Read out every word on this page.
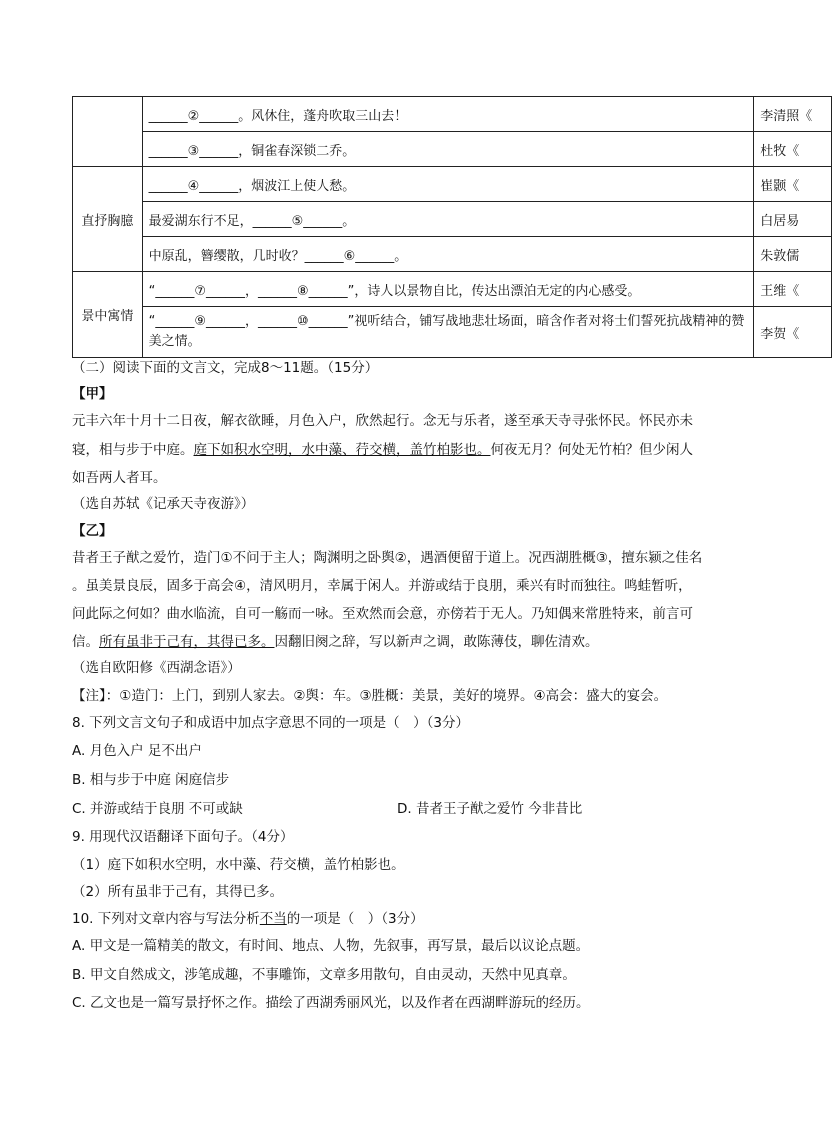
	______②______。风休住，蓬舟吹取三山去！	李清照《
	______③______，铜雀春深锁二乔。	杜牧《
直抒胸臆	______④______，烟波江上使人愁。	崔颢《
	最爱湖东行不足，______⑤______。	白居易
	中原乱，簪缨散，几时收？______⑥______。	朱敦儒
景中寓情	“______⑦______，______⑧______”，诗人以景物自比，传达出漂泊无定的内心感受。	王维《
	“______⑨______，______⑩______”视听结合，铺写战地悲壮场面，暗含作者对将士们誓死抗战精神的赞美之情。	李贺《
（二）阅读下面的文言文，完成8～11题。（15分）
【甲】
元丰六年十月十二日夜，解衣欲睡，月色入户，欣然起行。念无与乐者，遂至承天寺寻张怀民。怀民亦未
寝，相与步于中庭。庭下如积水空明，水中藻、荇交横，盖竹柏影也。何夜无月？何处无竹柏？但少闲人
如吾两人者耳。
（选自苏轼《记承天寺夜游》）
【乙】
昔者王子猷之爱竹，造门①不问于主人；陶渊明之卧舆②，遇酒便留于道上。况西湖胜概③，擅东颍之佳名
。虽美景良辰，固多于高会④，清风明月，幸属于闲人。并游或结于良朋，乘兴有时而独往。鸣蛙暂听，
问此际之何如？曲水临流，自可一觞而一咏。至欢然而会意，亦傍若于无人。乃知偶来常胜特来，前言可
信。所有虽非于己有，其得已多。因翻旧阕之辞，写以新声之调，敢陈薄伎，聊佐清欢。
（选自欧阳修《西湖念语》）
【注】：①造门：上门，到别人家去。②舆：车。③胜概：美景，美好的境界。④高会：盛大的宴会。
8. 下列文言文句子和成语中加点字意思不同的一项是（　）（3分）
A. 月色入户 足不出户
B. 相与步于中庭 闲庭信步
C. 并游或结于良朋 不可或缺	D. 昔者王子猷之爱竹 今非昔比
9. 用现代汉语翻译下面句子。（4分）
（1）庭下如积水空明，水中藻、荇交横，盖竹柏影也。
（2）所有虽非于己有，其得已多。
10. 下列对文章内容与写法分析不当的一项是（　）（3分）
A. 甲文是一篇精美的散文，有时间、地点、人物，先叙事，再写景，最后以议论点题。
B. 甲文自然成文，涉笔成趣，不事雕饰，文章多用散句，自由灵动，天然中见真章。
C. 乙文也是一篇写景抒怀之作。描绘了西湖秀丽风光，以及作者在西湖畔游玩的经历。
